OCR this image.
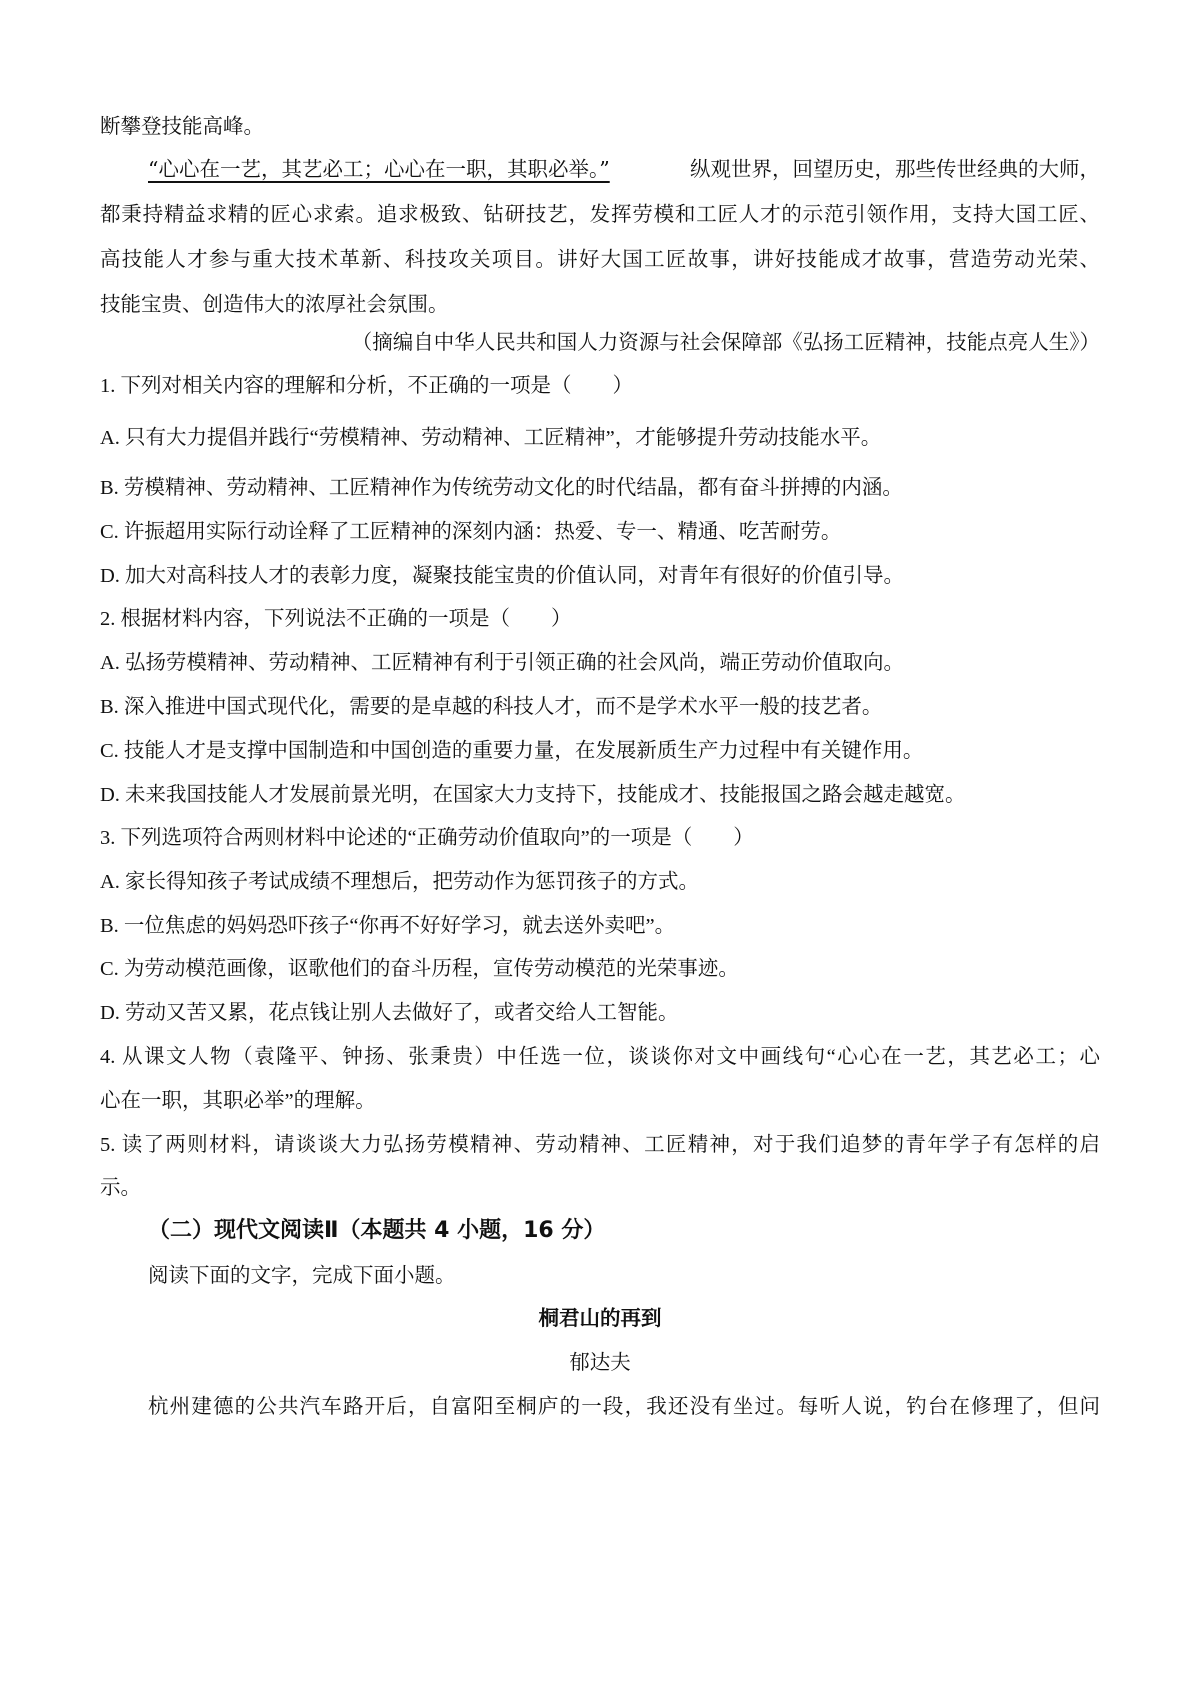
断攀登技能高峰。
“心心在一艺，其艺必工；心心在一职，其职必举。”	纵观世界，回望历史，那些传世经典的大师，
都秉持精益求精的匠心求索。追求极致、钻研技艺，发挥劳模和工匠人才的示范引领作用，支持大国工匠、
高技能人才参与重大技术革新、科技攻关项目。讲好大国工匠故事，讲好技能成才故事，营造劳动光荣、
技能宝贵、创造伟大的浓厚社会氛围。
（摘编自中华人民共和国人力资源与社会保障部《弘扬工匠精神，技能点亮人生》）
1. 下列对相关内容的理解和分析，不正确的一项是（　　）
A. 只有大力提倡并践行“劳模精神、劳动精神、工匠精神”，才能够提升劳动技能水平。
B. 劳模精神、劳动精神、工匠精神作为传统劳动文化的时代结晶，都有奋斗拼搏的内涵。
C. 许振超用实际行动诠释了工匠精神的深刻内涵：热爱、专一、精通、吃苦耐劳。
D. 加大对高科技人才的表彰力度，凝聚技能宝贵的价值认同，对青年有很好的价值引导。
2. 根据材料内容，下列说法不正确的一项是（　　）
A. 弘扬劳模精神、劳动精神、工匠精神有利于引领正确的社会风尚，端正劳动价值取向。
B. 深入推进中国式现代化，需要的是卓越的科技人才，而不是学术水平一般的技艺者。
C. 技能人才是支撑中国制造和中国创造的重要力量，在发展新质生产力过程中有关键作用。
D. 未来我国技能人才发展前景光明，在国家大力支持下，技能成才、技能报国之路会越走越宽。
3. 下列选项符合两则材料中论述的“正确劳动价值取向”的一项是（　　）
A. 家长得知孩子考试成绩不理想后，把劳动作为惩罚孩子的方式。
B. 一位焦虑的妈妈恐吓孩子“你再不好好学习，就去送外卖吧”。
C. 为劳动模范画像，讴歌他们的奋斗历程，宣传劳动模范的光荣事迹。
D. 劳动又苦又累，花点钱让别人去做好了，或者交给人工智能。
4. 从课文人物（袁隆平、钟扬、张秉贵）中任选一位，谈谈你对文中画线句“心心在一艺，其艺必工；心
心在一职，其职必举”的理解。
5. 读了两则材料，请谈谈大力弘扬劳模精神、劳动精神、工匠精神，对于我们追梦的青年学子有怎样的启
示。
（二）现代文阅读Ⅱ（本题共 4 小题，16 分）
阅读下面的文字，完成下面小题。
桐君山的再到
郁达夫
杭州建德的公共汽车路开后，自富阳至桐庐的一段，我还没有坐过。每听人说，钓台在修理了，但问
